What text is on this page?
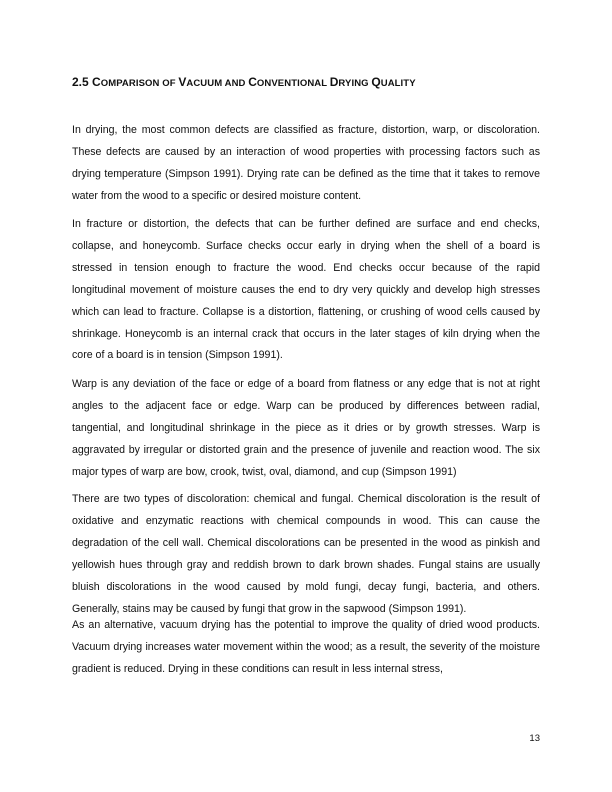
2.5 COMPARISON OF VACUUM AND CONVENTIONAL DRYING QUALITY

In drying, the most common defects are classified as fracture, distortion, warp, or discoloration. These defects are caused by an interaction of wood properties with processing factors such as drying temperature (Simpson 1991). Drying rate can be defined as the time that it takes to remove water from the wood to a specific or desired moisture content.

In fracture or distortion, the defects that can be further defined are surface and end checks, collapse, and honeycomb. Surface checks occur early in drying when the shell of a board is stressed in tension enough to fracture the wood. End checks occur because of the rapid longitudinal movement of moisture causes the end to dry very quickly and develop high stresses which can lead to fracture. Collapse is a distortion, flattening, or crushing of wood cells caused by shrinkage. Honeycomb is an internal crack that occurs in the later stages of kiln drying when the core of a board is in tension (Simpson 1991).

Warp is any deviation of the face or edge of a board from flatness or any edge that is not at right angles to the adjacent face or edge. Warp can be produced by differences between radial, tangential, and longitudinal shrinkage in the piece as it dries or by growth stresses. Warp is aggravated by irregular or distorted grain and the presence of juvenile and reaction wood. The six major types of warp are bow, crook, twist, oval, diamond, and cup (Simpson 1991)

There are two types of discoloration: chemical and fungal. Chemical discoloration is the result of oxidative and enzymatic reactions with chemical compounds in wood. This can cause the degradation of the cell wall. Chemical discolorations can be presented in the wood as pinkish and yellowish hues through gray and reddish brown to dark brown shades. Fungal stains are usually bluish discolorations in the wood caused by mold fungi, decay fungi, bacteria, and others. Generally, stains may be caused by fungi that grow in the sapwood (Simpson 1991).

As an alternative, vacuum drying has the potential to improve the quality of dried wood products. Vacuum drying increases water movement within the wood; as a result, the severity of the moisture gradient is reduced. Drying in these conditions can result in less internal stress,

13
